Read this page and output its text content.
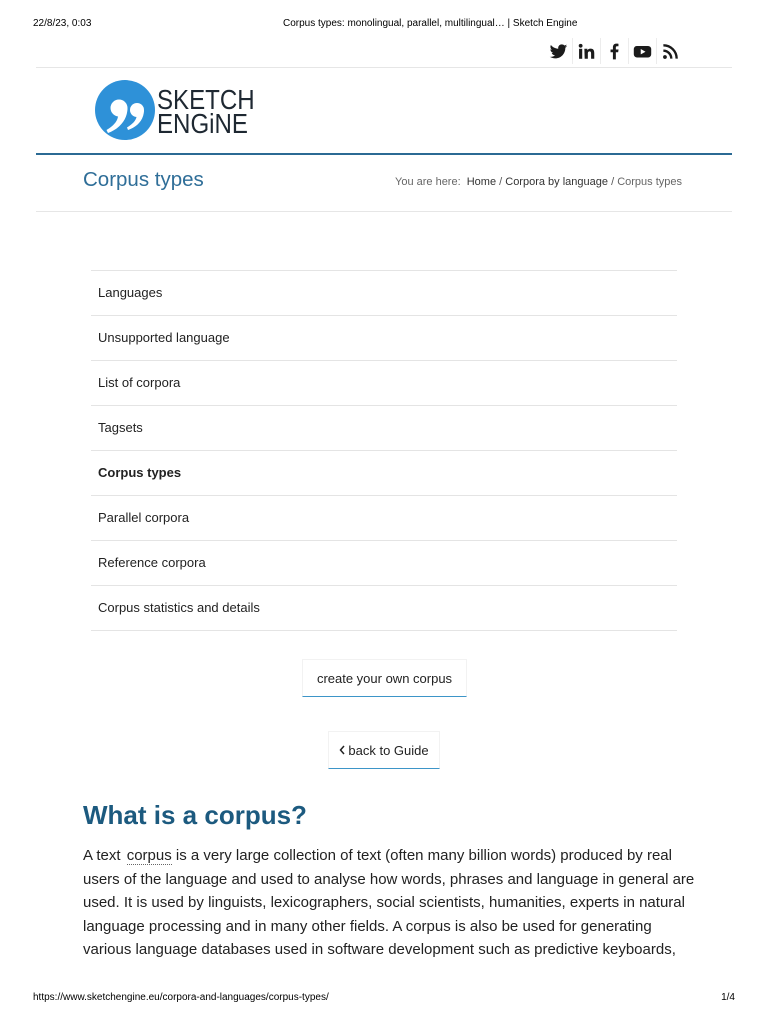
22/8/23, 0:03	Corpus types: monolingual, parallel, multilingual… | Sketch Engine
SKETCH
ENGiNE
Corpus types	You are here: Home / Corpora by language / Corpus types
Languages
Unsupported language
List of corpora
Tagsets
Corpus types
Parallel corpora
Reference corpora
Corpus statistics and details
create your own corpus
back to Guide
What is a corpus?
A text corpus is a very large collection of text (often many billion words) produced by real
users of the language and used to analyse how words, phrases and language in general are
used. It is used by linguists, lexicographers, social scientists, humanities, experts in natural
language processing and in many other fields. A corpus is also be used for generating
various language databases used in software development such as predictive keyboards,
https://www.sketchengine.eu/corpora-and-languages/corpus-types/	1/4
